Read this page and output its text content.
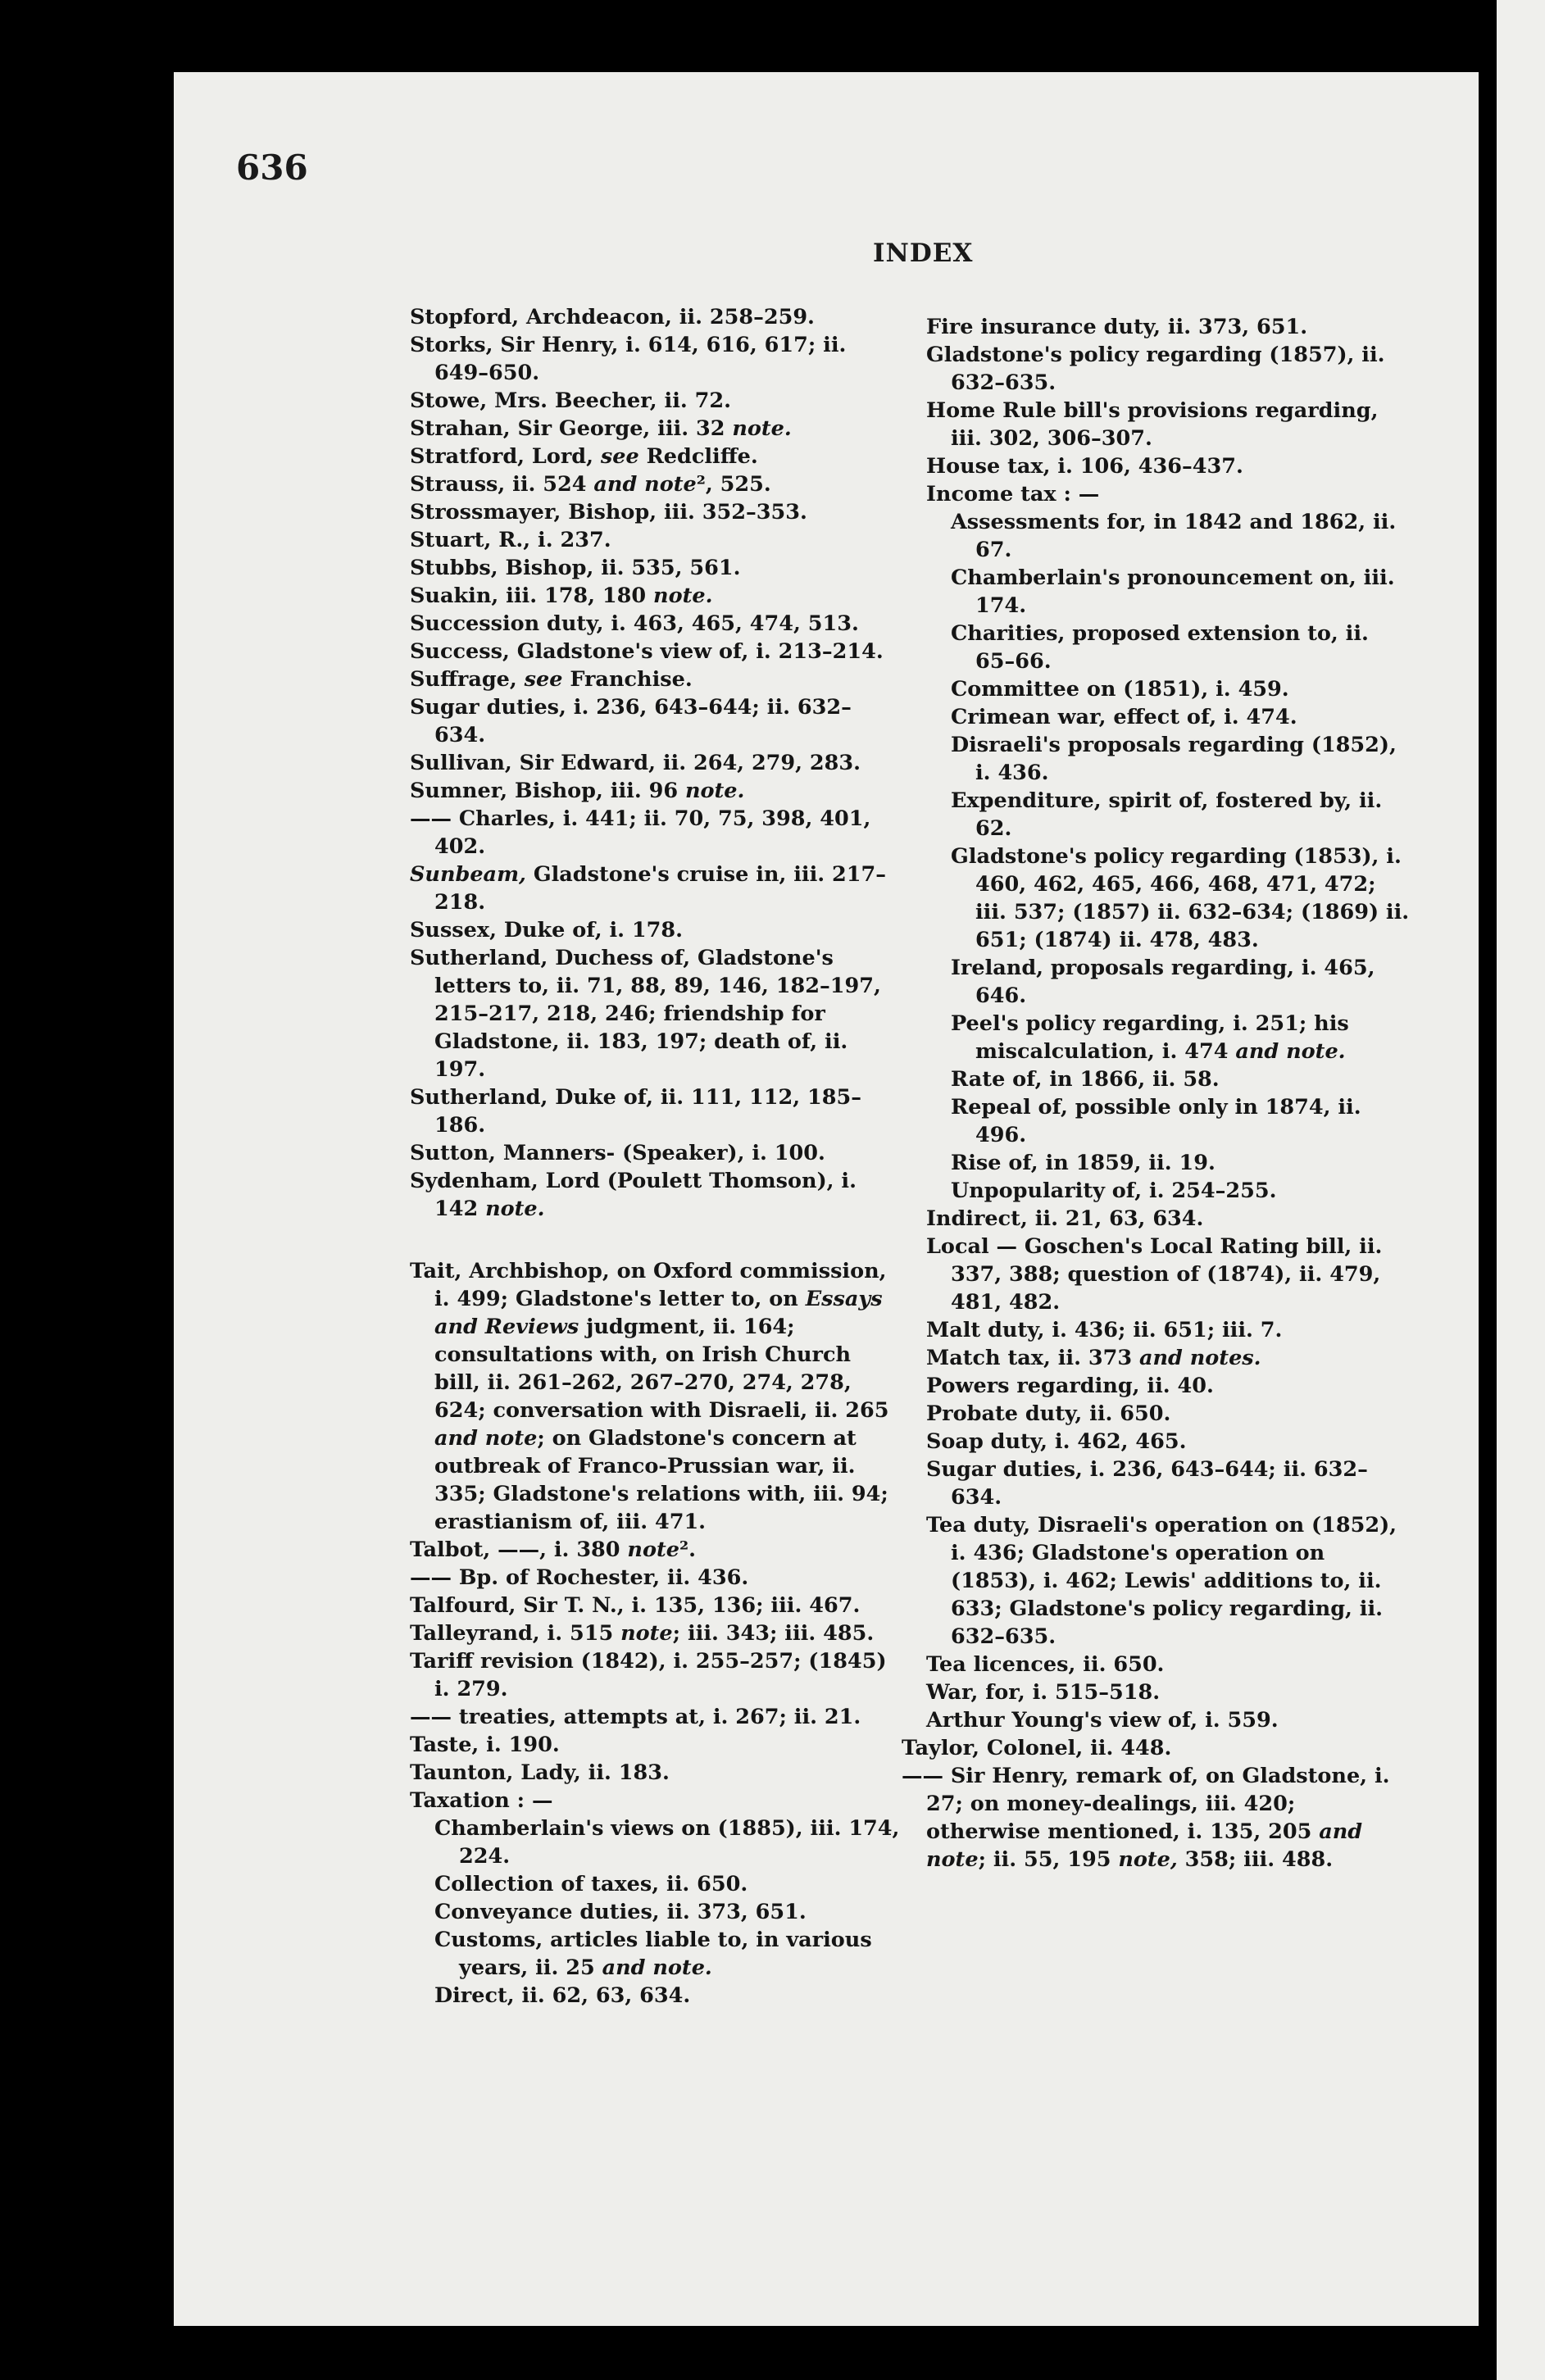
636

INDEX

Stopford, Archdeacon, ii. 258–259.

Storks, Sir Henry, i. 614, 616, 617; ii. 649–650.

Stowe, Mrs. Beecher, ii. 72.

Strahan, Sir George, iii. 32 note.

Stratford, Lord, see Redcliffe.

Strauss, ii. 524 and note², 525.

Strossmayer, Bishop, iii. 352–353.

Stuart, R., i. 237.

Stubbs, Bishop, ii. 535, 561.

Suakin, iii. 178, 180 note.

Succession duty, i. 463, 465, 474, 513.

Success, Gladstone's view of, i. 213–214.

Suffrage, see Franchise.

Sugar duties, i. 236, 643–644; ii. 632–634.

Sullivan, Sir Edward, ii. 264, 279, 283.

Sumner, Bishop, iii. 96 note.

—— Charles, i. 441; ii. 70, 75, 398, 401, 402.

Sunbeam, Gladstone's cruise in, iii. 217–218.

Sussex, Duke of, i. 178.

Sutherland, Duchess of, Gladstone's letters to, ii. 71, 88, 89, 146, 182–197, 215–217, 218, 246; friendship for Gladstone, ii. 183, 197; death of, ii. 197.

Sutherland, Duke of, ii. 111, 112, 185–186.

Sutton, Manners- (Speaker), i. 100.

Sydenham, Lord (Poulett Thomson), i. 142 note.

Tait, Archbishop, on Oxford commission, i. 499; Gladstone's letter to, on Essays and Reviews judgment, ii. 164; consultations with, on Irish Church bill, ii. 261–262, 267–270, 274, 278, 624; conversation with Disraeli, ii. 265 and note; on Gladstone's concern at outbreak of Franco-Prussian war, ii. 335; Gladstone's relations with, iii. 94; erastianism of, iii. 471.

Talbot, ——, i. 380 note².

—— Bp. of Rochester, ii. 436.

Talfourd, Sir T. N., i. 135, 136; iii. 467.

Talleyrand, i. 515 note; iii. 343; iii. 485.

Tariff revision (1842), i. 255–257; (1845) i. 279.

—— treaties, attempts at, i. 267; ii. 21.

Taste, i. 190.

Taunton, Lady, ii. 183.

Taxation : —

Chamberlain's views on (1885), iii. 174, 224.

Collection of taxes, ii. 650.

Conveyance duties, ii. 373, 651.

Customs, articles liable to, in various years, ii. 25 and note.

Direct, ii. 62, 63, 634.

Fire insurance duty, ii. 373, 651.

Gladstone's policy regarding (1857), ii. 632–635.

Home Rule bill's provisions regarding, iii. 302, 306–307.

House tax, i. 106, 436–437.

Income tax : —

Assessments for, in 1842 and 1862, ii. 67.

Chamberlain's pronouncement on, iii. 174.

Charities, proposed extension to, ii. 65–66.

Committee on (1851), i. 459.

Crimean war, effect of, i. 474.

Disraeli's proposals regarding (1852), i. 436.

Expenditure, spirit of, fostered by, ii. 62.

Gladstone's policy regarding (1853), i. 460, 462, 465, 466, 468, 471, 472; iii. 537; (1857) ii. 632–634; (1869) ii. 651; (1874) ii. 478, 483.

Ireland, proposals regarding, i. 465, 646.

Peel's policy regarding, i. 251; his miscalculation, i. 474 and note.

Rate of, in 1866, ii. 58.

Repeal of, possible only in 1874, ii. 496.

Rise of, in 1859, ii. 19.

Unpopularity of, i. 254–255.

Indirect, ii. 21, 63, 634.

Local — Goschen's Local Rating bill, ii. 337, 388; question of (1874), ii. 479, 481, 482.

Malt duty, i. 436; ii. 651; iii. 7.

Match tax, ii. 373 and notes.

Powers regarding, ii. 40.

Probate duty, ii. 650.

Soap duty, i. 462, 465.

Sugar duties, i. 236, 643–644; ii. 632–634.

Tea duty, Disraeli's operation on (1852), i. 436; Gladstone's operation on (1853), i. 462; Lewis' additions to, ii. 633; Gladstone's policy regarding, ii. 632–635.

Tea licences, ii. 650.

War, for, i. 515–518.

Arthur Young's view of, i. 559.

Taylor, Colonel, ii. 448.

—— Sir Henry, remark of, on Gladstone, i. 27; on money-dealings, iii. 420; otherwise mentioned, i. 135, 205 and note; ii. 55, 195 note, 358; iii. 488.
